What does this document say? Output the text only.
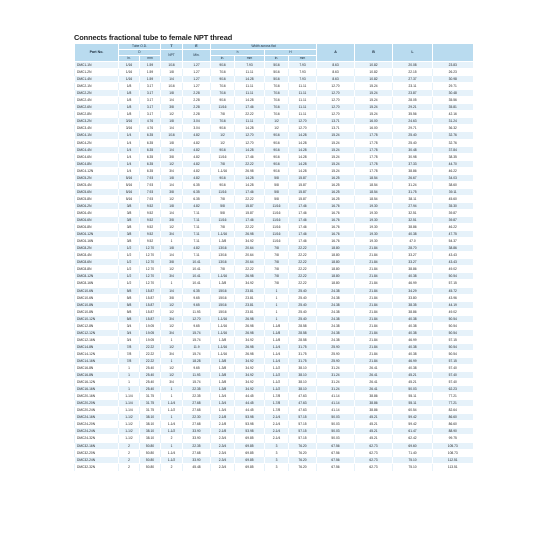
Connects fractional tube to female NPT thread
Part No.	Tube O.D.		T	E	Width across flat				A	B	L	
	D		NPT	Min.	h		H					
	in.	mm			in.	mm	in.	mm				
DMC1-1N	1/16	1.59	1/16	1.27	9/16	7.93	5/16	7.93	8.63	10.82	20.08	23.83
DMC1-2N	1/16	1.59	1/8	1.27	7/16	11.11	5/16	7.93	8.63	10.82	22.15	26.23
DMC1-4N	1/16	1.59	1/4	1.27	9/16	14.28	5/16	7.93	8.63	10.82	27.37	30.98
DMC2-1N	1/8	3.17	1/16	1.27	7/16	11.11	7/16	11.11	12.70	15.24	23.11	29.71
DMC2-2N	1/8	3.17	1/8	2.28	7/16	11.11	7/16	11.11	12.70	15.24	23.87	30.48
DMC2-4N	1/8	3.17	1/4	2.28	9/16	14.28	7/16	11.11	12.70	15.24	28.05	35.56
DMC2-6N	1/8	3.17	3/8	2.28	11/16	17.46	7/16	11.11	12.70	15.24	29.21	35.81
DMC2-8N	1/8	3.17	1/2	2.28	7/8	22.22	7/16	11.11	12.70	15.24	35.56	42.16
DMC3-2N	3/16	4.76	1/8	3.04	7/16	11.11	1/2	12.70	13.71	16.00	24.63	31.24
DMC3-4N	3/16	4.76	1/4	3.04	9/16	14.28	1/2	12.70	13.71	16.00	29.71	36.32
DMC4-1N	1/4	6.35	1/16	4.82	1/2	12.70	9/16	14.28	15.24	17.78	25.40	32.76
DMC4-2N	1/4	6.35	1/8	4.82	1/2	12.70	9/16	14.28	15.24	17.78	25.40	32.76
DMC4-4N	1/4	6.35	1/4	4.82	9/16	14.28	9/16	14.28	15.24	17.78	30.48	37.84
DMC4-6N	1/4	6.35	3/8	4.82	11/16	17.46	9/16	14.28	15.24	17.78	30.98	38.35
DMC4-8N	1/4	6.35	1/2	4.82	7/8	22.22	9/16	14.28	15.24	17.78	37.33	44.70
DMC4-12N	1/4	6.35	3/4	4.82	1-1/16	26.98	9/16	14.28	15.24	17.78	38.86	46.22
DMC5-2N	5/16	7.93	1/8	4.82	9/16	14.28	5/8	15.87	16.25	18.54	26.67	34.03
DMC5-4N	5/16	7.93	1/4	6.35	9/16	14.28	5/8	15.87	16.25	18.54	31.24	38.60
DMC5-6N	5/16	7.93	3/8	6.35	11/16	17.46	5/8	15.87	16.25	18.54	31.75	39.11
DMC5-8N	5/16	7.93	1/2	6.35	7/8	22.22	5/8	15.87	16.25	18.54	38.11	45.60
DMC6-2N	3/8	9.52	1/8	4.82	5/8	15.87	11/16	17.46	16.76	19.30	27.94	35.30
DMC6-4N	3/8	9.52	1/4	7.11	5/8	15.87	11/16	17.46	16.76	19.30	32.51	39.87
DMC6-6N	3/8	9.52	3/8	7.11	11/16	17.46	11/16	17.46	16.76	19.30	32.51	39.87
DMC6-8N	3/8	9.52	1/2	7.11	7/8	22.22	11/16	17.46	16.76	19.30	38.86	46.22
DMC6-12N	3/8	9.52	3/4	7.11	1-1/16	26.98	11/16	17.46	16.76	19.30	40.38	47.75
DMC6-16N	3/8	9.52	1	7.11	1-3/8	34.92	11/16	17.46	16.76	19.30	47.0	54.37
DMC8-2N	1/2	12.70	1/8	4.82	13/16	20.64	7/8	22.22	18.80	21.84	28.70	38.86
DMC8-4N	1/2	12.70	1/4	7.11	13/16	20.64	7/8	22.22	18.80	21.84	33.27	43.43
DMC8-6N	1/2	12.70	3/8	10.41	13/16	20.64	7/8	22.22	18.80	21.84	33.27	43.43
DMC8-8N	1/2	12.70	1/2	10.41	7/8	22.22	7/8	22.22	18.80	21.84	38.86	49.02
DMC8-12N	1/2	12.70	3/4	10.41	1-1/16	26.98	7/8	22.22	18.80	21.84	40.38	50.54
DMC8-16N	1/2	12.70	1	10.41	1-3/8	34.92	7/8	22.22	18.80	21.84	46.99	57.15
DMC10-6N	5/8	15.87	1/4	6.35	15/16	23.81	1	25.40	24.38	21.84	34.29	45.72
DMC10-6N	5/8	15.87	3/8	9.65	15/16	23.81	1	25.40	24.38	21.84	33.80	43.96
DMC10-8N	5/8	15.87	1/2	9.65	15/16	23.81	1	25.40	24.38	21.84	38.35	44.19
DMC10-8N	5/8	15.87	1/2	11.93	15/16	23.81	1	25.40	24.38	21.84	38.86	49.02
DMC10-12N	5/8	15.87	3/4	12.70	1-1/16	26.98	1	25.40	24.38	21.84	40.38	50.54
DMC12-8N	3/4	19.05	1/2	9.65	1-1/16	26.98	1-1/8	28.58	24.38	21.84	40.38	50.54
DMC12-12N	3/4	19.05	3/4	15.74	1-1/16	26.98	1-1/8	28.58	24.38	21.84	40.38	50.54
DMC12-16N	3/4	19.05	1	15.74	1-3/8	34.92	1-1/8	28.58	24.38	21.84	46.99	57.15
DMC14-8N	7/8	22.22	1/2	11.9	1-1/16	26.98	1-1/4	31.75	25.90	21.84	40.38	50.54
DMC14-12N	7/8	22.22	3/4	15.74	1-1/16	26.98	1-1/4	31.75	25.90	21.84	40.38	50.54
DMC14-16N	7/8	22.22	1	18.28	1-3/8	34.92	1-1/4	31.75	25.90	21.84	46.99	57.15
DMC16-8N	1	25.40	1/2	9.65	1-3/8	34.92	1-1/2	38.10	31.24	26.41	40.38	57.40
DMC16-8N	1	25.40	1/2	11.93	1-3/8	34.92	1-1/2	38.10	31.24	26.41	45.21	57.40
DMC16-12N	1	25.40	3/4	15.74	1-3/8	34.92	1-1/2	38.10	31.24	26.41	45.21	57.40
DMC16-16N	1	25.40	1	22.35	1-3/8	34.92	1-1/2	38.10	31.24	26.41	50.03	62.23
DMC20-16N	1-1/4	31.75	1	22.35	1-3/4	44.45	1-7/8	47.63	41.14	38.86	55.11	77.21
DMC20-20N	1-1/4	31.75	1-1/4	27.68	1-3/4	44.45	1-7/8	47.63	41.14	38.86	55.11	77.21
DMC20-24N	1-1/4	31.75	1-1/2	27.68	1-3/4	44.45	1-7/8	47.63	41.14	38.86	60.54	82.64
DMC24-16N	1-1/2	38.10	1	22.30	2-1/8	53.98	2-1/4	57.15	50.03	45.21	59.42	86.60
DMC24-20N	1-1/2	38.10	1-1/4	27.68	2-1/8	53.98	2-1/4	57.15	50.03	45.21	59.42	86.60
DMC24-24N	1-1/2	38.10	1-1/2	33.90	2-1/8	53.98	2-1/4	57.15	50.03	45.21	61.47	88.90
DMC24-32N	1-1/2	38.10	2	33.90	2-3/4	69.85	2-1/4	57.15	50.03	45.21	62.42	99.75
DMC32-16N	2	50.80	1	22.35	2-3/4	69.85	3	76.20	67.56	62.73	69.60	105.73
DMC32-20N	2	50.80	1-1/4	27.68	2-3/4	69.85	3	76.20	67.56	62.73	71.40	108.73
DMC32-24N	2	50.80	1-1/2	33.90	2-3/4	69.85	3	76.20	67.56	62.73	75.10	112.51
DMC32-32N	2	50.80	2	45.48	2-3/4	69.85	3	76.20	67.56	62.73	75.10	113.51
